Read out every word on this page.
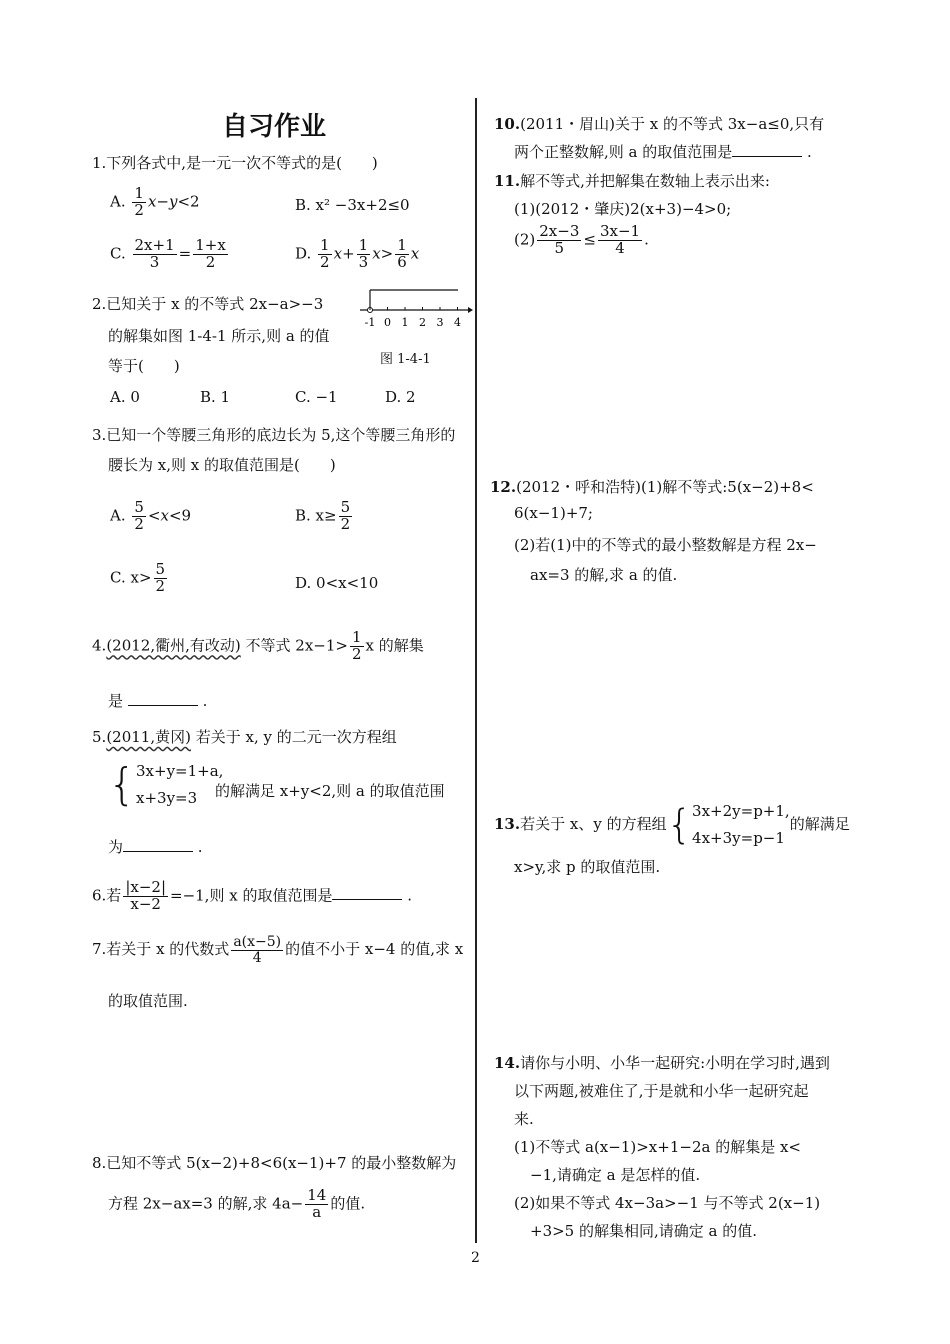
自习作业
1.下列各式中,是一元一次不等式的是(　　)
A. $\frac{1}{2} x-y<2$	B. x² −3x+2≤0
C. $\frac{2x+1}{3} = \frac{1+x}{2}$	D. $\frac{1}{2} x+ \frac{1}{3} x> \frac{1}{6}$ x
2.已知关于 x 的不等式 2x−a>−3
的解集如图 1-4-1 所示,则 a 的值
等于(　　)
-1 0 1 2 3 4
图 1-4-1
A. 0	B. 1	C. −1	D. 2
3.已知一个等腰三角形的底边长为 5,这个等腰三角形的
腰长为 x,则 x 的取值范围是(　　)
A. $\frac{5}{2} <x<9$	B. $x\ge \frac{5}{2}$
C. $x> \frac{5}{2}$	D. 0<x<10
4.(2012,衢州,有改动) 不等式 $2x-1> \frac{1}{2}$ x 的解集
是	.
5.(2011,黄冈) 若关于 x, y 的二元一次方程组
{3x+y=1+a,
x+3y=3	的解满足 x+y<2,则 a 的取值范围
为	.
6.若 $\frac{|x-2|}{x-2} =-1$,则 x 的取值范围是	.
7.若关于 x 的代数式 $\frac{a(x-5)}{4}$ 的值不小于 x−4 的值,求 x
的取值范围.
8.已知不等式 5(x−2)+8<6(x−1)+7 的最小整数解为
方程 2x−ax=3 的解,求 $4a- \frac{14}{a}$ 的值.
10.(2011・眉山)关于 x 的不等式 3x−a≤0,只有
两个正整数解,则 a 的取值范围是	.
11.解不等式,并把解集在数轴上表示出来:
(1)(2012・肇庆)2(x+3)−4>0;
$(2) \frac{2x-3}{5} \le \frac{3x-1}{4}$ .
12.(2012・呼和浩特)(1)解不等式:5(x−2)+8<
6(x−1)+7;
(2)若(1)中的不等式的最小整数解是方程 2x−
ax=3 的解,求 a 的值.
13.若关于 x、y 的方程组{3x+2y=p+1,
4x+3y=p−1的解满足
x>y,求 p 的取值范围.
14.请你与小明、小华一起研究:小明在学习时,遇到
以下两题,被难住了,于是就和小华一起研究起
来.
(1)不等式 a(x−1)>x+1−2a 的解集是 x<
−1,请确定 a 是怎样的值.
(2)如果不等式 4x−3a>−1 与不等式 2(x−1)
+3>5 的解集相同,请确定 a 的值.
2
